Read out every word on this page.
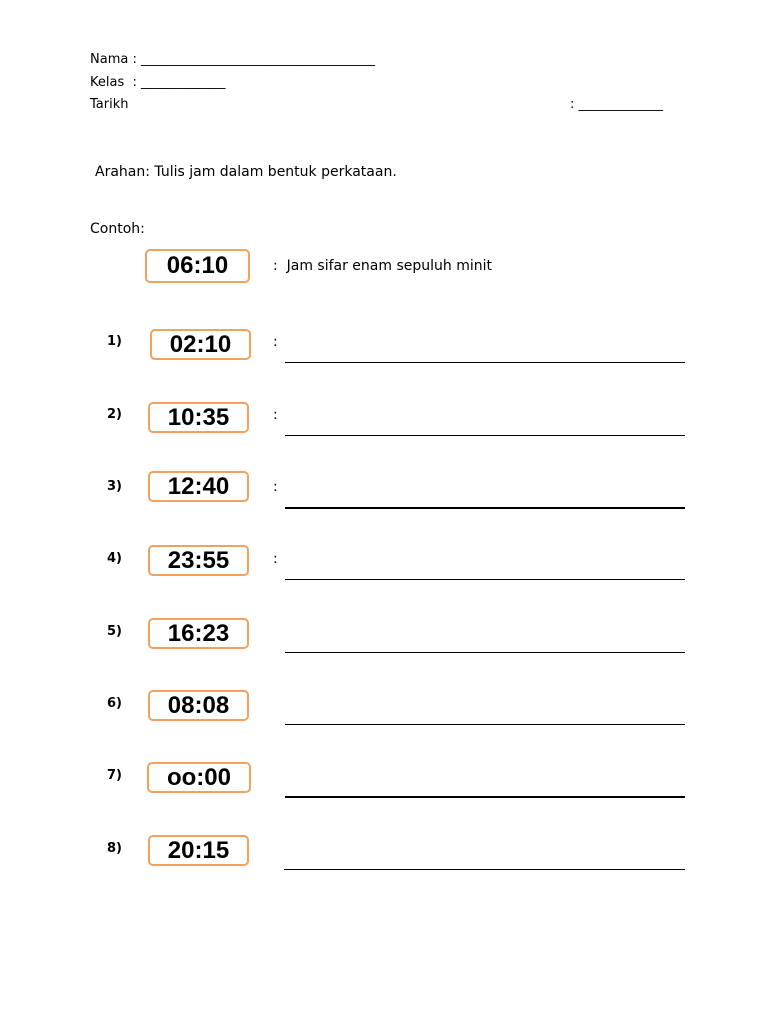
Nama : ____________________________________
Kelas  : _____________
Tarikh	: _____________
Arahan: Tulis jam dalam bentuk perkataan.
Contoh:
06:10	:  Jam sifar enam sepuluh minit
1)	02:10	:
2)	10:35	:
3)	12:40	:
4)	23:55	:
5)	16:23
6)	08:08
7)	oo:00
8)	20:15
